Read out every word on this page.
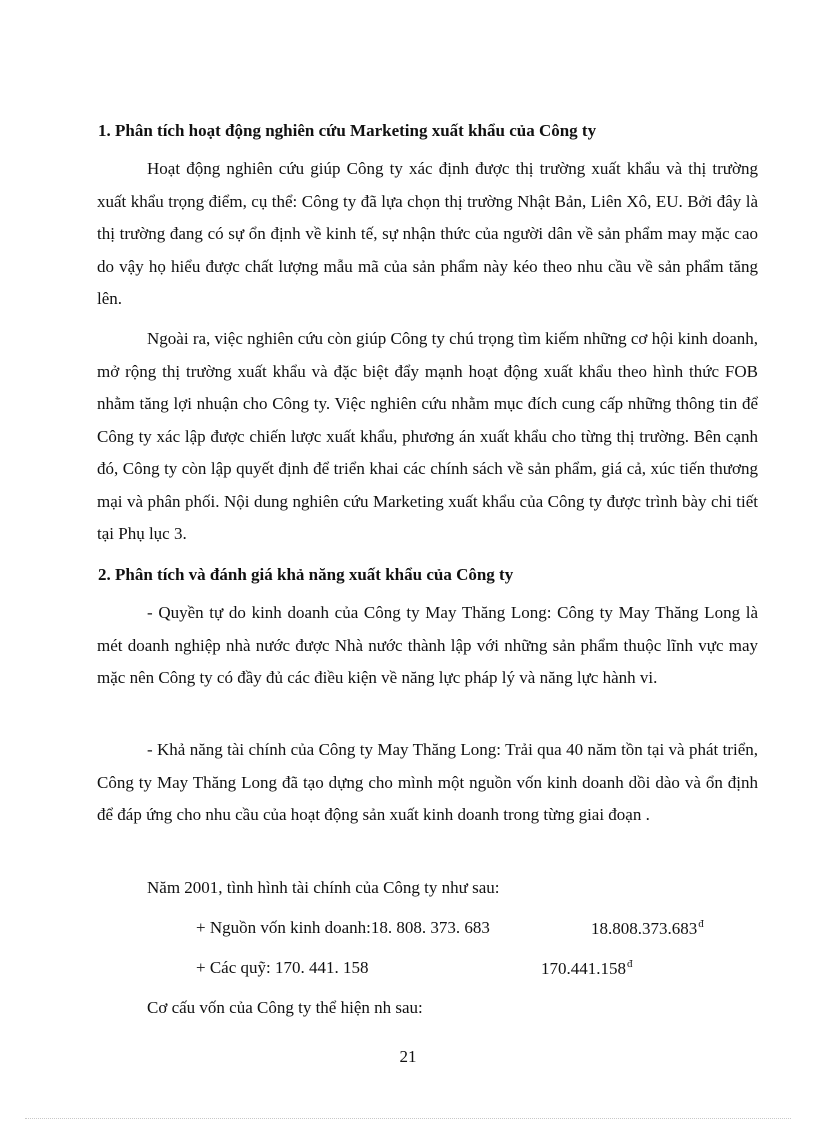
1. Phân tích hoạt động nghiên cứu Marketing xuất khẩu của Công ty

Hoạt động nghiên cứu giúp Công ty xác định được thị trường xuất khẩu và thị trường xuất khẩu trọng điểm, cụ thể: Công ty đã lựa chọn thị trường Nhật Bản, Liên Xô, EU. Bởi đây là thị trường đang có sự ổn định về kinh tế, sự nhận thức của người dân về sản phẩm may mặc cao do vậy họ hiểu được chất lượng mẫu mã của sản phẩm này kéo theo nhu cầu về sản phẩm tăng lên.

Ngoài ra, việc nghiên cứu còn giúp Công ty chú trọng tìm kiếm những cơ hội kinh doanh, mở rộng thị trường xuất khẩu và đặc biệt đẩy mạnh hoạt động xuất khẩu theo hình thức FOB nhằm tăng lợi nhuận cho Công ty. Việc nghiên cứu nhằm mục đích cung cấp những thông tin để Công ty xác lập được chiến lược xuất khẩu, phương án xuất khẩu cho từng thị trường. Bên cạnh đó, Công ty còn lập quyết định để triển khai các chính sách về sản phẩm, giá cả, xúc tiến thương mại và phân phối. Nội dung nghiên cứu Marketing xuất khẩu của Công ty được trình bày chi tiết tại Phụ lục 3.

2. Phân tích và đánh giá khả năng xuất khẩu của Công ty

- Quyền tự do kinh doanh của Công ty May Thăng Long: Công ty May Thăng Long là mét doanh nghiệp nhà nước được Nhà nước thành lập với những sản phẩm thuộc lĩnh vực may mặc nên Công ty có đầy đủ các điều kiện về năng lực pháp lý và năng lực hành vi.

- Khả năng tài chính của Công ty May Thăng Long: Trải qua 40 năm tồn tại và phát triển, Công ty May Thăng Long đã tạo dựng cho mình một nguồn vốn kinh doanh dồi dào và ổn định để đáp ứng cho nhu cầu của hoạt động sản xuất kinh doanh trong từng giai đoạn .

Năm 2001, tình hình tài chính của Công ty như sau:

+ Nguồn vốn kinh doanh:18. 808. 373. 683	$18.808.373.683^đ$

+ Các quỹ: 170. 441. 158	$170.441.158^đ$

Cơ cấu vốn của Công ty thể hiện nh sau:

21
